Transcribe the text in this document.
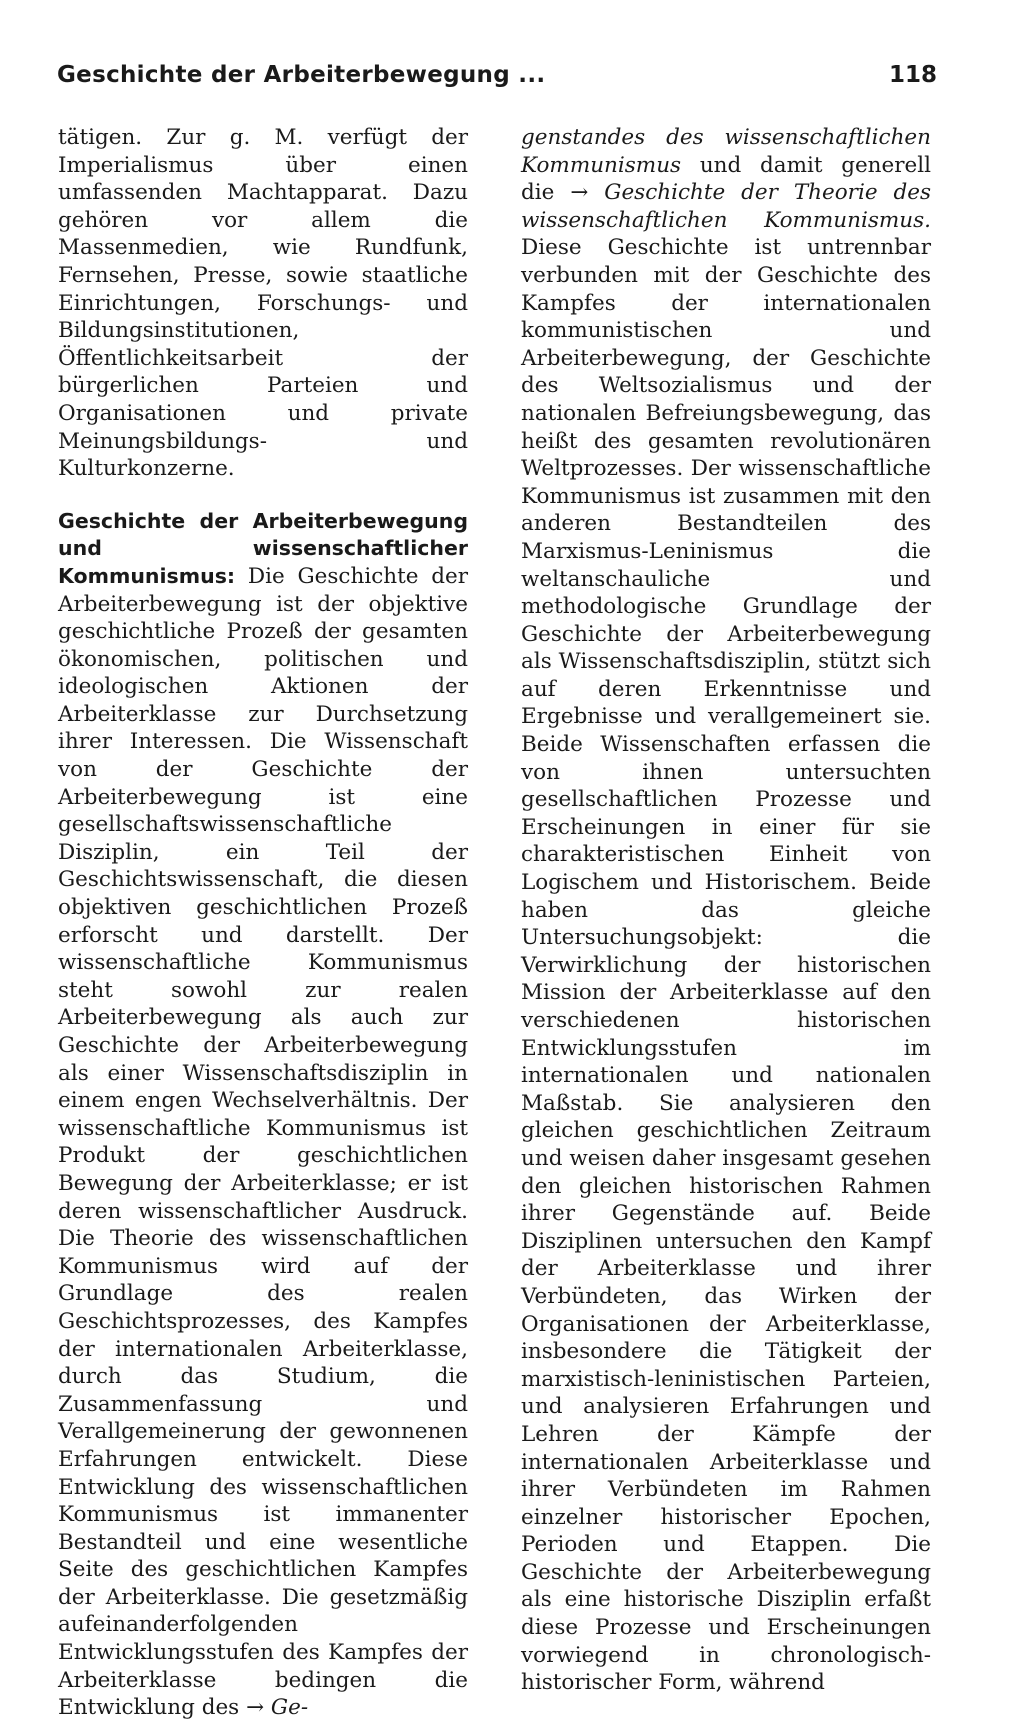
Geschichte der Arbeiterbewegung ...	118

tätigen. Zur g. M. verfügt der Imperialismus über einen umfassenden Machtapparat. Dazu gehören vor allem die Massenmedien, wie Rundfunk, Fernsehen, Presse, sowie staatliche Einrichtungen, Forschungs- und Bildungsinstitutionen, Öffentlichkeitsarbeit der bürgerlichen Parteien und Organisationen und private Meinungsbildungs- und Kulturkonzerne.

Geschichte der Arbeiterbewegung und wissenschaftlicher Kommunismus: Die Geschichte der Arbeiterbewegung ist der objektive geschichtliche Prozeß der gesamten ökonomischen, politischen und ideologischen Aktionen der Arbeiterklasse zur Durchsetzung ihrer Interessen. Die Wissenschaft von der Geschichte der Arbeiterbewegung ist eine gesellschaftswissenschaftliche Disziplin, ein Teil der Geschichtswissenschaft, die diesen objektiven geschichtlichen Prozeß erforscht und darstellt. Der wissenschaftliche Kommunismus steht sowohl zur realen Arbeiterbewegung als auch zur Geschichte der Arbeiterbewegung als einer Wissenschaftsdisziplin in einem engen Wechselverhältnis. Der wissenschaftliche Kommunismus ist Produkt der geschichtlichen Bewegung der Arbeiterklasse; er ist deren wissenschaftlicher Ausdruck. Die Theorie des wissenschaftlichen Kommunismus wird auf der Grundlage des realen Geschichtsprozesses, des Kampfes der internationalen Arbeiterklasse, durch das Studium, die Zusammenfassung und Verallgemeinerung der gewonnenen Erfahrungen entwickelt. Diese Entwicklung des wissenschaftlichen Kommunismus ist immanenter Bestandteil und eine wesentliche Seite des geschichtlichen Kampfes der Arbeiterklasse. Die gesetzmäßig aufeinanderfolgenden Entwicklungsstufen des Kampfes der Arbeiterklasse bedingen die Entwicklung des → Ge-

genstandes des wissenschaftlichen Kommunismus und damit generell die → Geschichte der Theorie des wissenschaftlichen Kommunismus. Diese Geschichte ist untrennbar verbunden mit der Geschichte des Kampfes der internationalen kommunistischen und Arbeiterbewegung, der Geschichte des Weltsozialismus und der nationalen Befreiungsbewegung, das heißt des gesamten revolutionären Weltprozesses. Der wissenschaftliche Kommunismus ist zusammen mit den anderen Bestandteilen des Marxismus-Leninismus die weltanschauliche und methodologische Grundlage der Geschichte der Arbeiterbewegung als Wissenschaftsdisziplin, stützt sich auf deren Erkenntnisse und Ergebnisse und verallgemeinert sie. Beide Wissenschaften erfassen die von ihnen untersuchten gesellschaftlichen Prozesse und Erscheinungen in einer für sie charakteristischen Einheit von Logischem und Historischem. Beide haben das gleiche Untersuchungsobjekt: die Verwirklichung der historischen Mission der Arbeiterklasse auf den verschiedenen historischen Entwicklungsstufen im internationalen und nationalen Maßstab. Sie analysieren den gleichen geschichtlichen Zeitraum und weisen daher insgesamt gesehen den gleichen historischen Rahmen ihrer Gegenstände auf. Beide Disziplinen untersuchen den Kampf der Arbeiterklasse und ihrer Verbündeten, das Wirken der Organisationen der Arbeiterklasse, insbesondere die Tätigkeit der marxistisch-leninistischen Parteien, und analysieren Erfahrungen und Lehren der Kämpfe der internationalen Arbeiterklasse und ihrer Verbündeten im Rahmen einzelner historischer Epochen, Perioden und Etappen. Die Geschichte der Arbeiterbewegung als eine historische Disziplin erfaßt diese Prozesse und Erscheinungen vorwiegend in chronologisch-historischer Form, während
